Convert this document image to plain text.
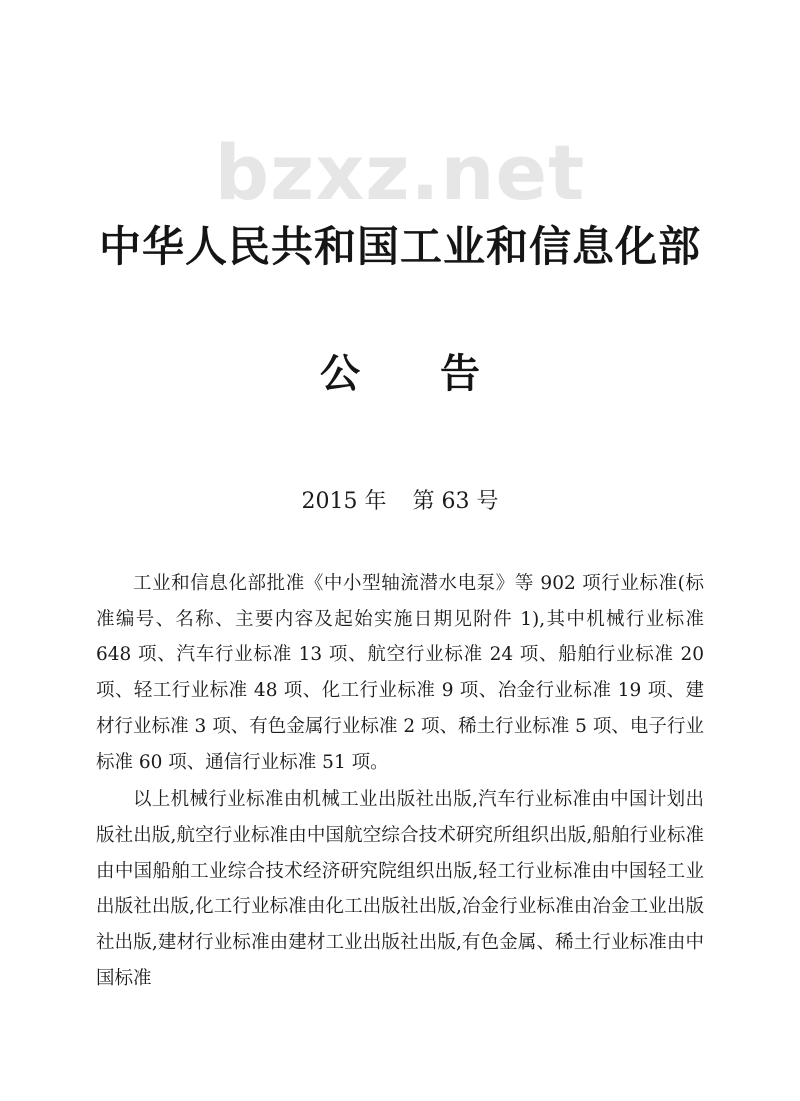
bzxz.net
中华人民共和国工业和信息化部
公告
2015 年 第 63 号

工业和信息化部批准《中小型轴流潜水电泵》等 902 项行业标准(标准编号、名称、主要内容及起始实施日期见附件 1),其中机械行业标准 648 项、汽车行业标准 13 项、航空行业标准 24 项、船舶行业标准 20 项、轻工行业标准 48 项、化工行业标准 9 项、冶金行业标准 19 项、建材行业标准 3 项、有色金属行业标准 2 项、稀土行业标准 5 项、电子行业标准 60 项、通信行业标准 51 项。

以上机械行业标准由机械工业出版社出版,汽车行业标准由中国计划出版社出版,航空行业标准由中国航空综合技术研究所组织出版,船舶行业标准由中国船舶工业综合技术经济研究院组织出版,轻工行业标准由中国轻工业出版社出版,化工行业标准由化工出版社出版,冶金行业标准由冶金工业出版社出版,建材行业标准由建材工业出版社出版,有色金属、稀土行业标准由中国标准
